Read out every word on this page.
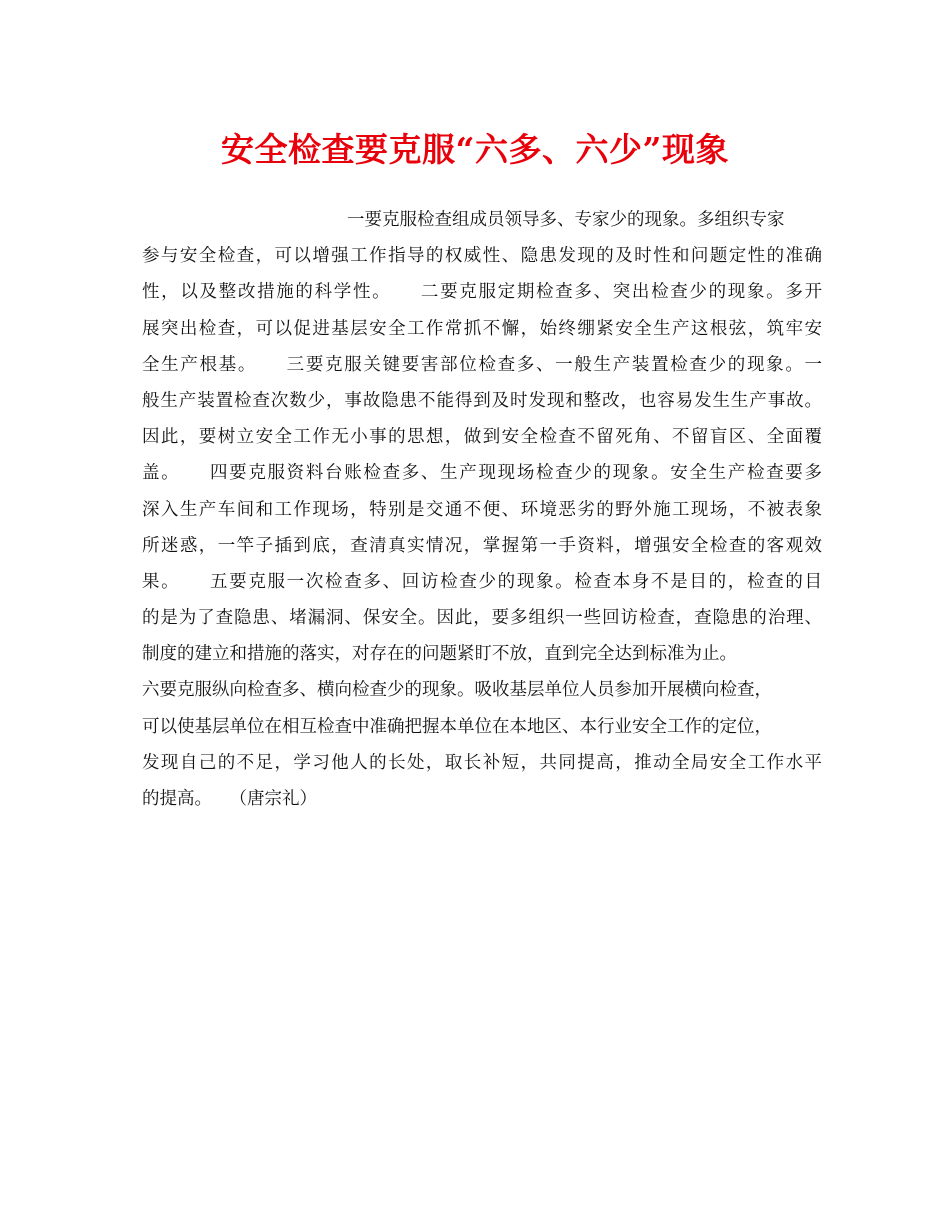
安全检查要克服“六多、六少”现象
一要克服检查组成员领导多、专家少的现象。多组织专家
参与安全检查，可以增强工作指导的权威性、隐患发现的及时性和问题定性的准确
性，以及整改措施的科学性。　　二要克服定期检查多、突出检查少的现象。多开
展突出检查，可以促进基层安全工作常抓不懈，始终绷紧安全生产这根弦，筑牢安
全生产根基。　　三要克服关键要害部位检查多、一般生产装置检查少的现象。一
般生产装置检查次数少，事故隐患不能得到及时发现和整改，也容易发生生产事故。
因此，要树立安全工作无小事的思想，做到安全检查不留死角、不留盲区、全面覆
盖。　　四要克服资料台账检查多、生产现现场检查少的现象。安全生产检查要多
深入生产车间和工作现场，特别是交通不便、环境恶劣的野外施工现场，不被表象
所迷惑，一竿子插到底，查清真实情况，掌握第一手资料，增强安全检查的客观效
果。　　五要克服一次检查多、回访检查少的现象。检查本身不是目的，检查的目
的是为了查隐患、堵漏洞、保安全。因此，要多组织一些回访检查，查隐患的治理、
制度的建立和措施的落实，对存在的问题紧盯不放，直到完全达到标准为止。
六要克服纵向检查多、横向检查少的现象。吸收基层单位人员参加开展横向检查，
可以使基层单位在相互检查中准确把握本单位在本地区、本行业安全工作的定位，
发现自己的不足，学习他人的长处，取长补短，共同提高，推动全局安全工作水平
的提高。　　（唐宗礼）
